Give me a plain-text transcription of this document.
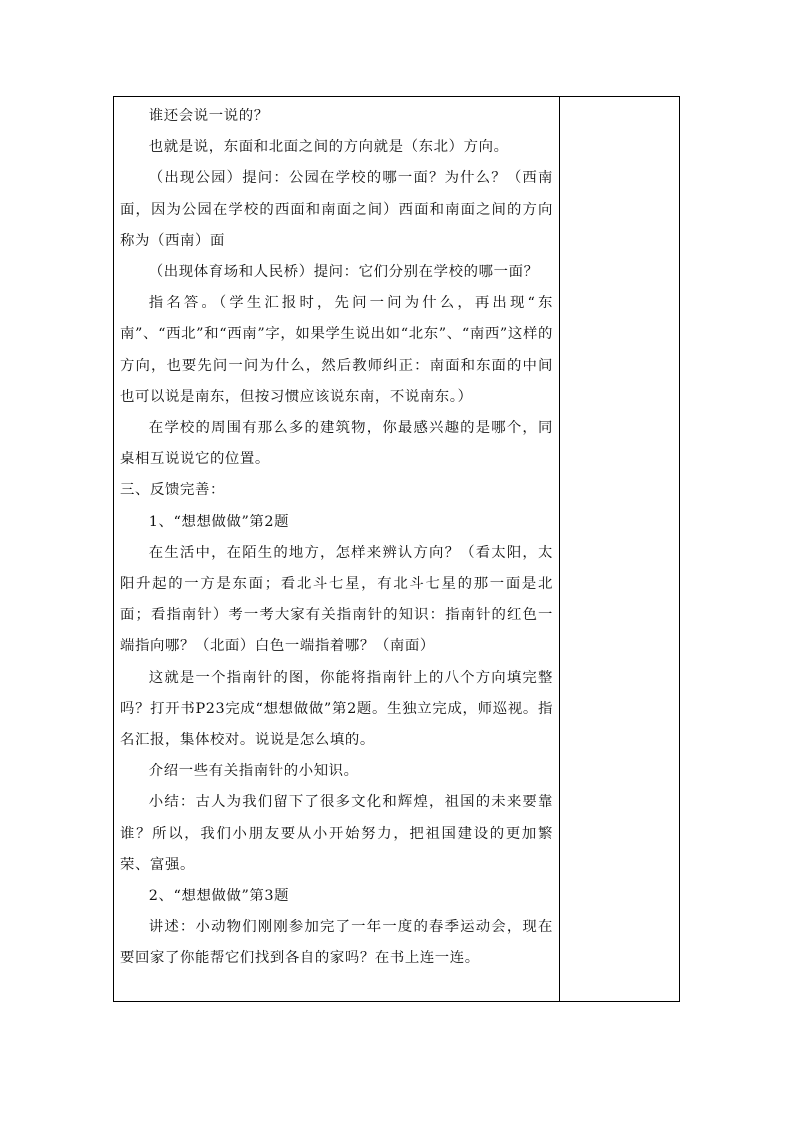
谁还会说一说的？

也就是说，东面和北面之间的方向就是（东北）方向。

（出现公园）提问：公园在学校的哪一面？为什么？（西南面，因为公园在学校的西面和南面之间）西面和南面之间的方向称为（西南）面

（出现体育场和人民桥）提问：它们分别在学校的哪一面？

指名答。（学生汇报时，先问一问为什么，再出现“东南”、“西北”和“西南”字，如果学生说出如“北东”、“南西”这样的方向，也要先问一问为什么，然后教师纠正：南面和东面的中间也可以说是南东，但按习惯应该说东南，不说南东。）

在学校的周围有那么多的建筑物，你最感兴趣的是哪个，同桌相互说说它的位置。

三、反馈完善：

1、“想想做做”第2题

在生活中，在陌生的地方，怎样来辨认方向？（看太阳，太阳升起的一方是东面；看北斗七星，有北斗七星的那一面是北面；看指南针）考一考大家有关指南针的知识：指南针的红色一端指向哪？（北面）白色一端指着哪？（南面）

这就是一个指南针的图，你能将指南针上的八个方向填完整吗？打开书P23完成“想想做做”第2题。生独立完成，师巡视。指名汇报，集体校对。说说是怎么填的。

介绍一些有关指南针的小知识。

小结：古人为我们留下了很多文化和辉煌，祖国的未来要靠谁？所以，我们小朋友要从小开始努力，把祖国建设的更加繁荣、富强。

2、“想想做做”第3题

讲述：小动物们刚刚参加完了一年一度的春季运动会，现在要回家了你能帮它们找到各自的家吗？在书上连一连。
